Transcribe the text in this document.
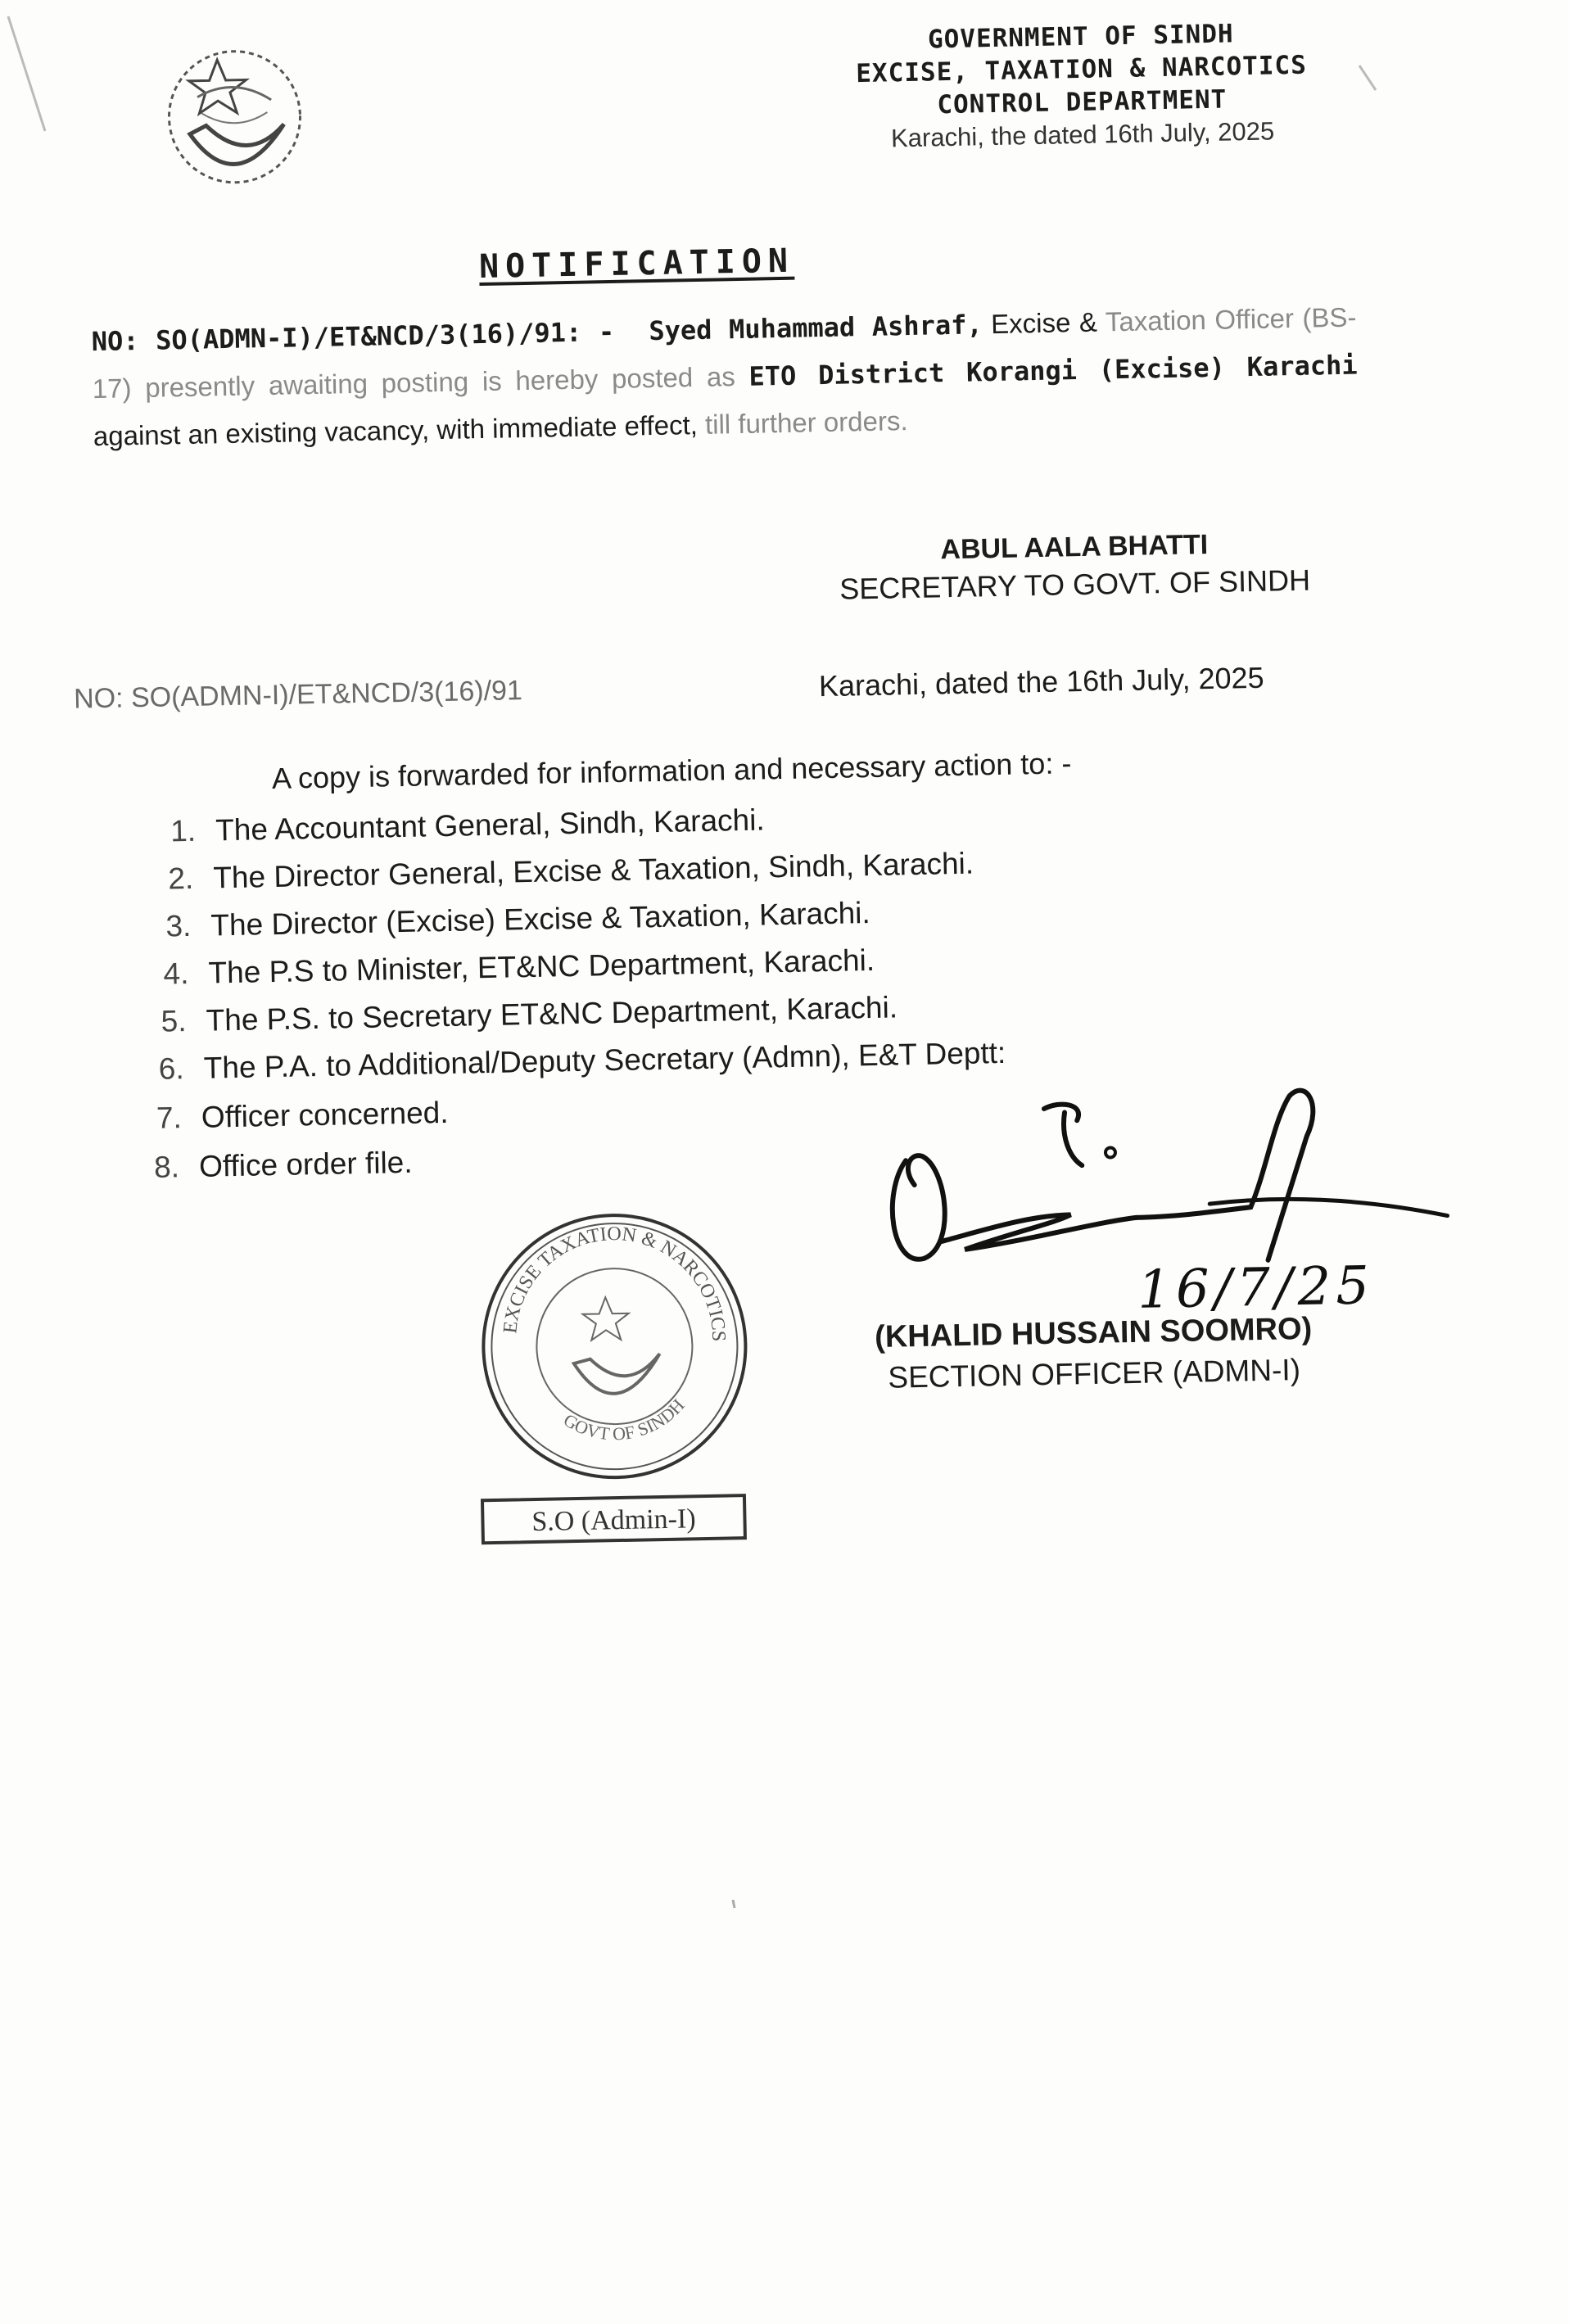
GOVERNMENT OF SINDH
EXCISE, TAXATION & NARCOTICS
CONTROL DEPARTMENT
Karachi, the dated 16th July, 2025
NOTIFICATION
NO: SO(ADMN-I)/ET&NCD/3(16)/91: - Syed Muhammad Ashraf, Excise & Taxation Officer (BS-17) presently awaiting posting is hereby posted as ETO District Korangi (Excise) Karachi against an existing vacancy, with immediate effect, till further orders.
ABUL AALA BHATTI
SECRETARY TO GOVT. OF SINDH
NO: SO(ADMN-I)/ET&NCD/3(16)/91	Karachi, dated the 16th July, 2025
A copy is forwarded for information and necessary action to: -
1. The Accountant General, Sindh, Karachi.
2. The Director General, Excise & Taxation, Sindh, Karachi.
3. The Director (Excise) Excise & Taxation, Karachi.
4. The P.S to Minister, ET&NC Department, Karachi.
5. The P.S. to Secretary ET&NC Department, Karachi.
6. The P.A. to Additional/Deputy Secretary (Admn), E&T Deptt:
7. Officer concerned.
8. Office order file.
EXCISE TAXATION & NARCOTICS
GOVT OF SINDH
S.O (Admin-I)
16/7/25
(KHALID HUSSAIN SOOMRO)
SECTION OFFICER (ADMN-I)
